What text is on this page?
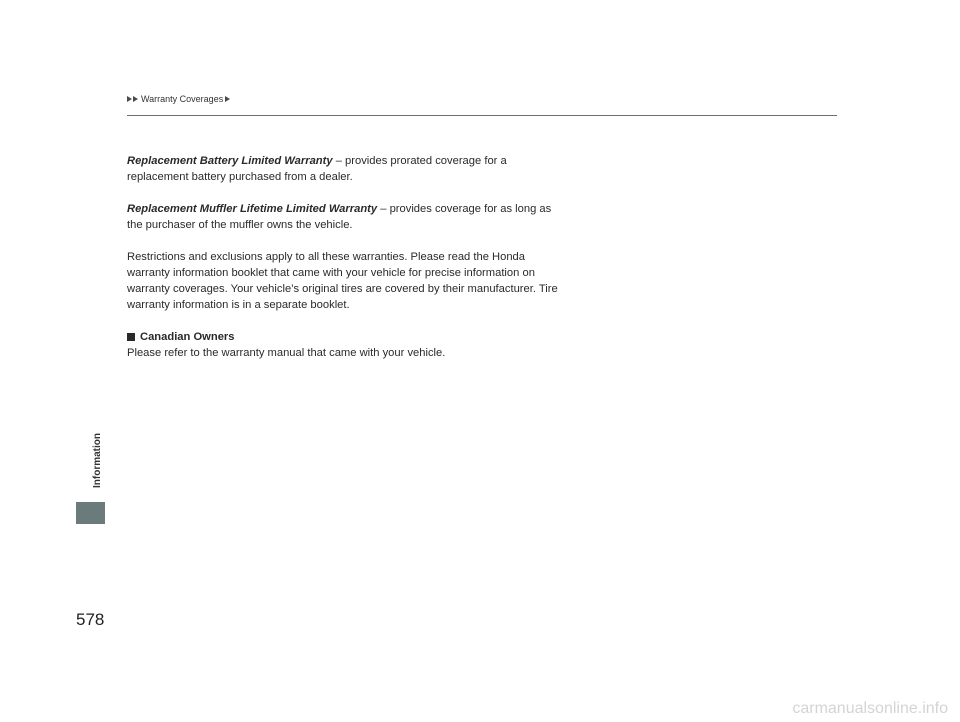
Warranty Coverages

Replacement Battery Limited Warranty – provides prorated coverage for a replacement battery purchased from a dealer.

Replacement Muffler Lifetime Limited Warranty – provides coverage for as long as the purchaser of the muffler owns the vehicle.

Restrictions and exclusions apply to all these warranties. Please read the Honda warranty information booklet that came with your vehicle for precise information on warranty coverages. Your vehicle’s original tires are covered by their manufacturer. Tire warranty information is in a separate booklet.

Canadian Owners

Please refer to the warranty manual that came with your vehicle.

Information
578
carmanualsonline.info
